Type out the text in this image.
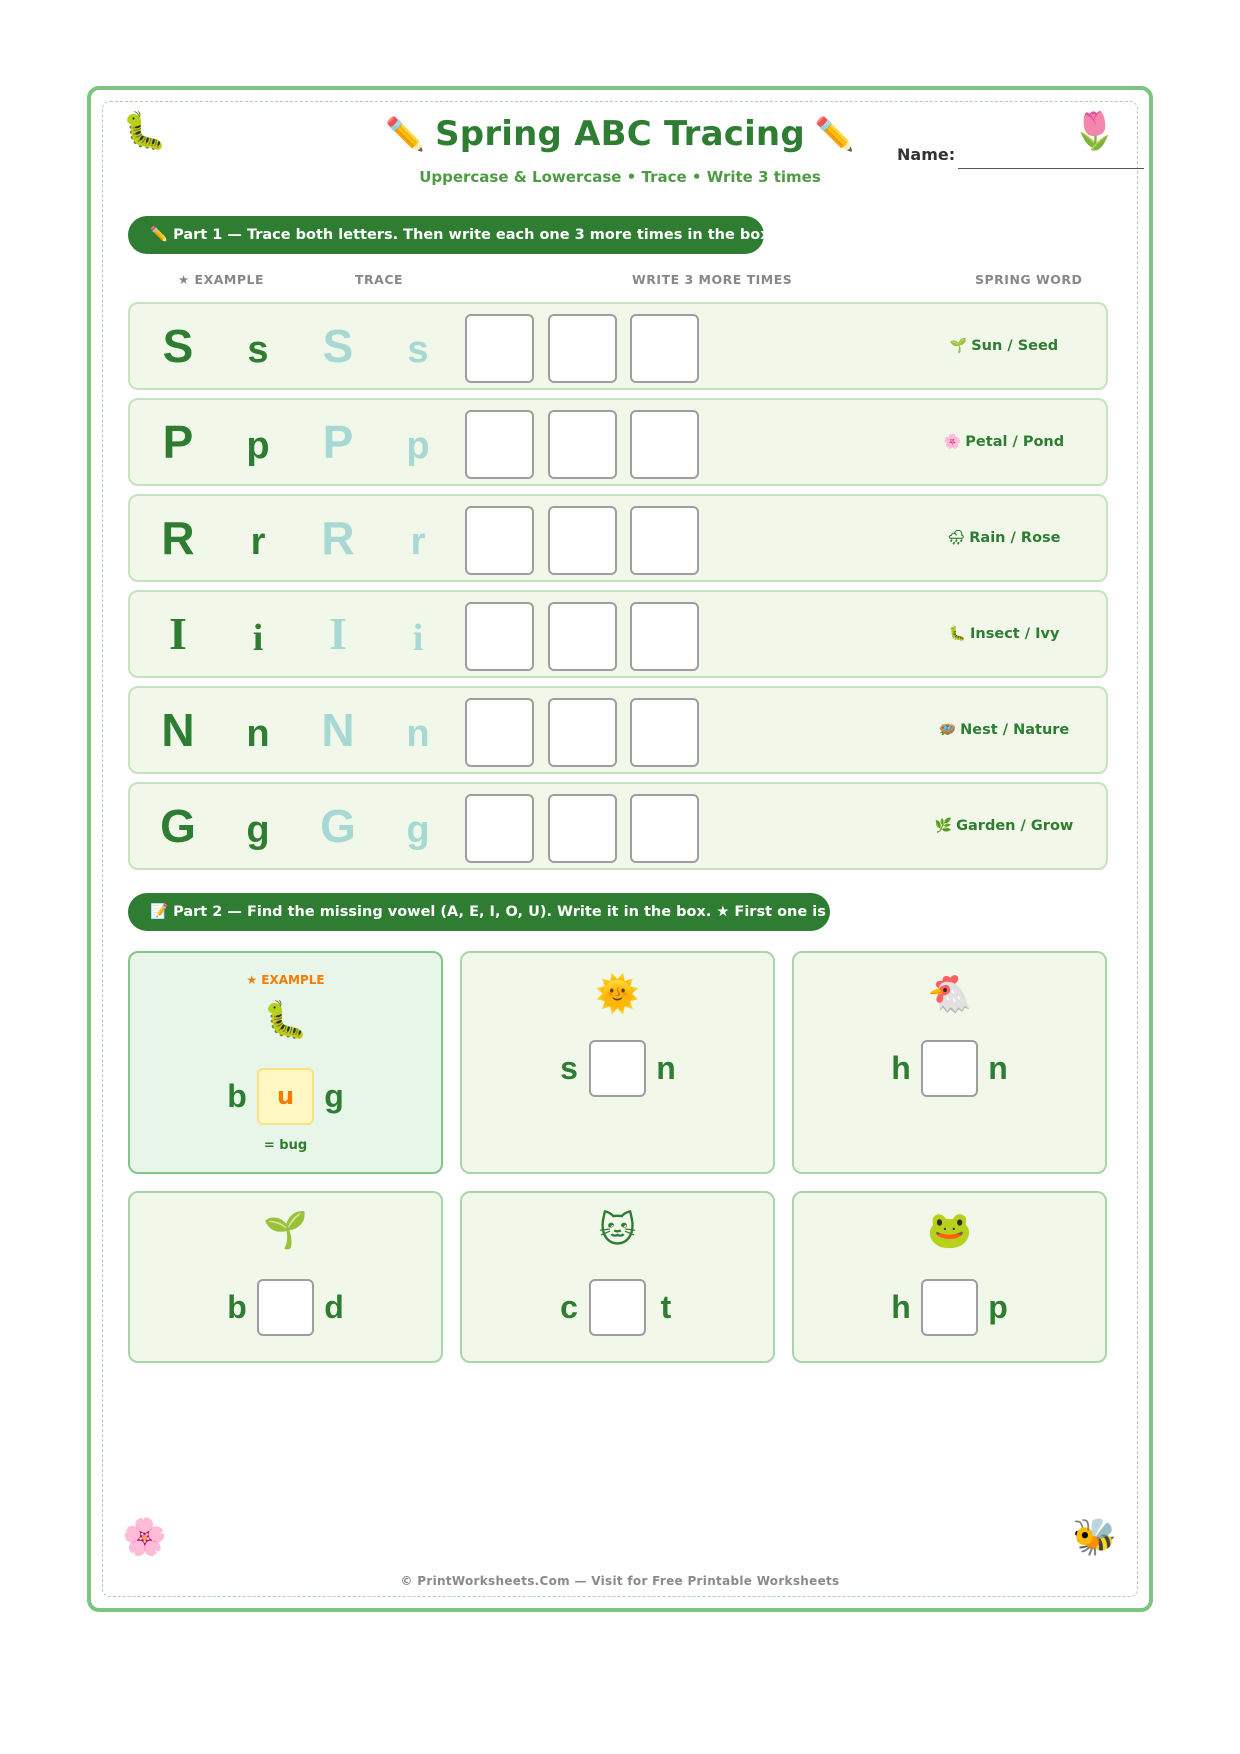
🐛	🌷
🌸	🐝
✏️ Spring ABC Tracing ✏️
Uppercase & Lowercase • Trace • Write 3 times
Name:
✏️ Part 1 — Trace both letters. Then write each one 3 more times in the boxes.
★ EXAMPLE	TRACE	WRITE 3 MORE TIMES	SPRING WORD
S	s	S	s	🌱 Sun / Seed
P	p	P	p	🌸 Petal / Pond
R	r	R	r	🌧 Rain / Rose
I	i	I	i	🐛 Insect / Ivy
N	n	N	n	🪺 Nest / Nature
G	g	G	g	🌿 Garden / Grow
📝 Part 2 — Find the missing vowel (A, E, I, O, U). Write it in the box. ★ First one is done!
★ EXAMPLE
🐛
b	u g
= bug
🌞
s	n
🐔
h	n
🌱
b	d
🐱
c	t
🐸
h	p
© PrintWorksheets.Com — Visit for Free Printable Worksheets
